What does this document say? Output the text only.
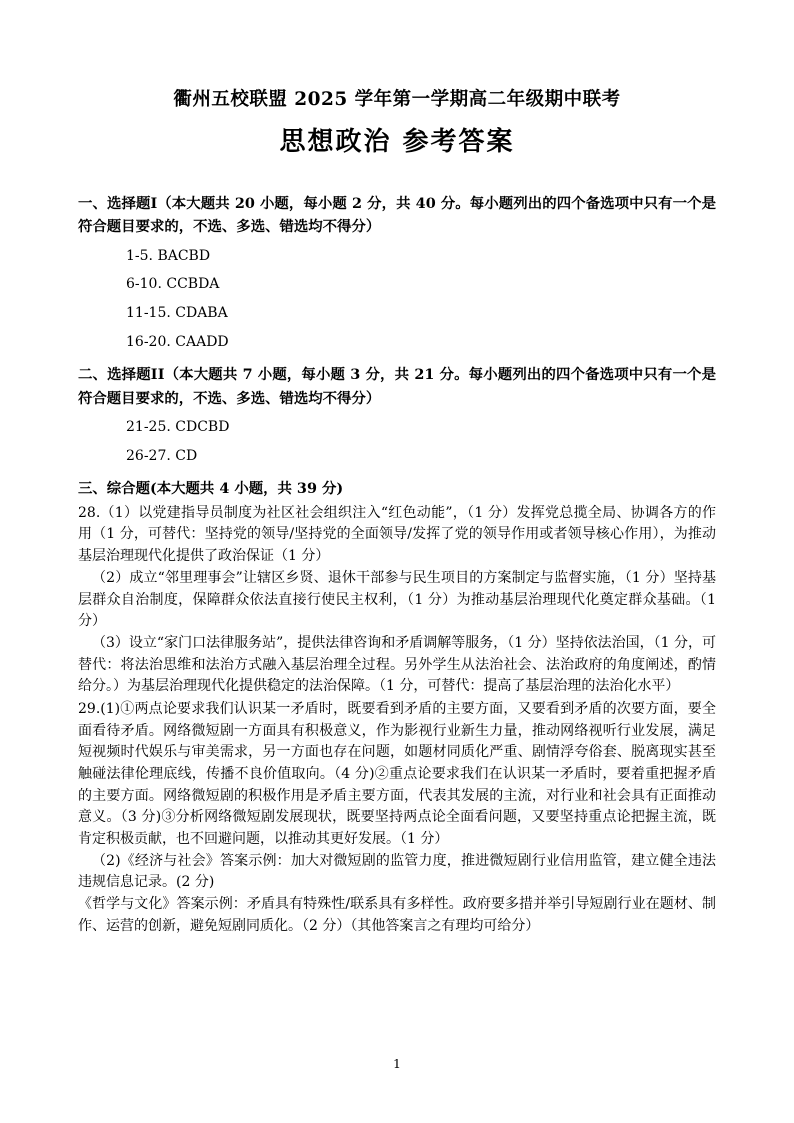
衢州五校联盟 2025 学年第一学期高二年级期中联考
思想政治 参考答案
一、选择题Ⅰ（本大题共 20 小题，每小题 2 分，共 40 分。每小题列出的四个备选项中只有一个是符合题目要求的，不选、多选、错选均不得分）
1-5. BACBD
6-10. CCBDA
11-15. CDABA
16-20. CAADD
二、选择题ⅠⅠ（本大题共 7 小题，每小题 3 分，共 21 分。每小题列出的四个备选项中只有一个是符合题目要求的，不选、多选、错选均不得分）
21-25. CDCBD
26-27. CD
三、综合题(本大题共 4 小题，共 39 分)

28.（1）以党建指导员制度为社区社会组织注入“红色动能”，（1 分）发挥党总揽全局、协调各方的作用（1 分，可替代：坚持党的领导/坚持党的全面领导/发挥了党的领导作用或者领导核心作用），为推动基层治理现代化提供了政治保证（1 分）

（2）成立“邻里理事会”让辖区乡贤、退休干部参与民生项目的方案制定与监督实施，（1 分）坚持基层群众自治制度，保障群众依法直接行使民主权利，（1 分）为推动基层治理现代化奠定群众基础。（1 分）

（3）设立“家门口法律服务站”，提供法律咨询和矛盾调解等服务，（1 分）坚持依法治国，（1 分，可替代：将法治思维和法治方式融入基层治理全过程。另外学生从法治社会、法治政府的角度阐述，酌情给分。）为基层治理现代化提供稳定的法治保障。（1 分，可替代：提高了基层治理的法治化水平）

29.(1)①两点论要求我们认识某一矛盾时，既要看到矛盾的主要方面，又要看到矛盾的次要方面，要全面看待矛盾。网络微短剧一方面具有积极意义，作为影视行业新生力量，推动网络视听行业发展，满足短视频时代娱乐与审美需求，另一方面也存在问题，如题材同质化严重、剧情浮夸俗套、脱离现实甚至触碰法律伦理底线，传播不良价值取向。（4 分)②重点论要求我们在认识某一矛盾时，要着重把握矛盾的主要方面。网络微短剧的积极作用是矛盾主要方面，代表其发展的主流，对行业和社会具有正面推动意义。（3 分)③分析网络微短剧发展现状，既要坚持两点论全面看问题，又要坚持重点论把握主流，既肯定积极贡献，也不回避问题，以推动其更好发展。（1 分）

（2)《经济与社会》答案示例：加大对微短剧的监管力度，推进微短剧行业信用监管，建立健全违法违规信息记录。(2 分)

《哲学与文化》答案示例：矛盾具有特殊性/联系具有多样性。政府要多措并举引导短剧行业在题材、制作、运营的创新，避免短剧同质化。（2 分）（其他答案言之有理均可给分）

1
